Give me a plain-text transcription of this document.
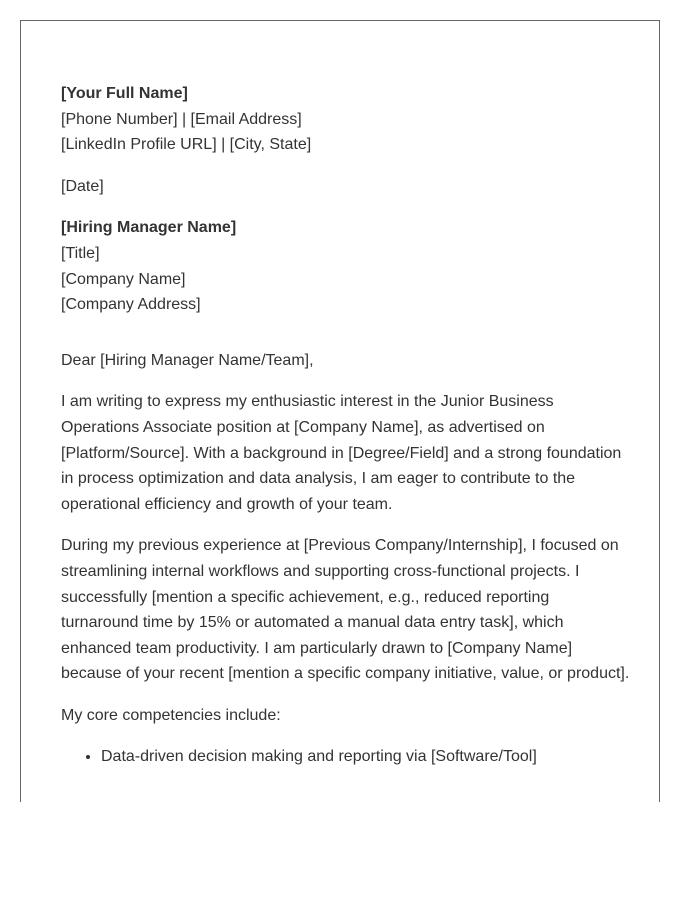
[Your Full Name]
[Phone Number] | [Email Address]
[LinkedIn Profile URL] | [City, State]
[Date]
[Hiring Manager Name]
[Title]
[Company Name]
[Company Address]

Dear [Hiring Manager Name/Team],

I am writing to express my enthusiastic interest in the Junior Business Operations Associate position at [Company Name], as advertised on [Platform/Source]. With a background in [Degree/Field] and a strong foundation in process optimization and data analysis, I am eager to contribute to the operational efficiency and growth of your team.

During my previous experience at [Previous Company/Internship], I focused on streamlining internal workflows and supporting cross-functional projects. I successfully [mention a specific achievement, e.g., reduced reporting turnaround time by 15% or automated a manual data entry task], which enhanced team productivity. I am particularly drawn to [Company Name] because of your recent [mention a specific company initiative, value, or product].

My core competencies include:

• Data-driven decision making and reporting via [Software/Tool]
